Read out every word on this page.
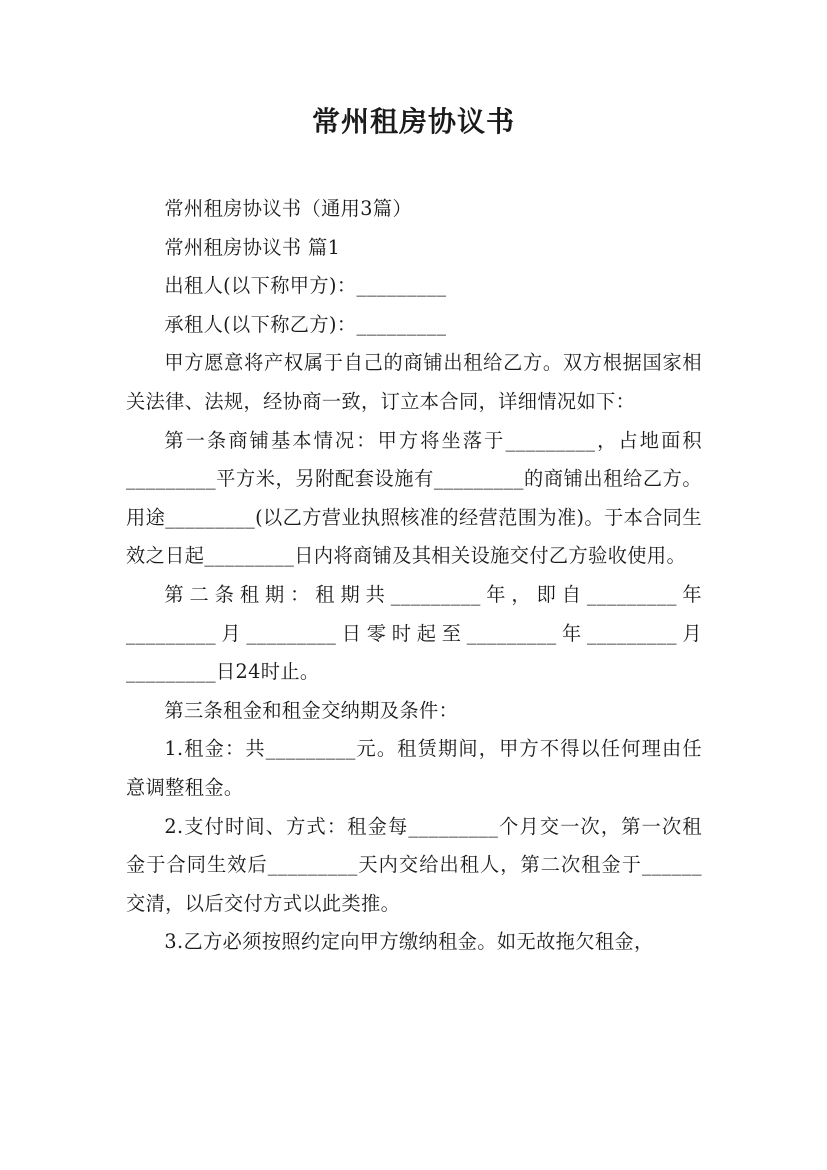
常州租房协议书

常州租房协议书（通用3篇）

常州租房协议书 篇1

出租人(以下称甲方)：_________

承租人(以下称乙方)：_________

甲方愿意将产权属于自己的商铺出租给乙方。双方根据国家相关法律、法规，经协商一致，订立本合同，详细情况如下：

第一条商铺基本情况：甲方将坐落于_________，占地面积_________平方米，另附配套设施有_________的商铺出租给乙方。用途_________(以乙方营业执照核准的经营范围为准)。于本合同生效之日起_________日内将商铺及其相关设施交付乙方验收使用。

第二条租期：租期共_________年，即自_________年_________月_________日零时起至_________年_________月_________日24时止。

第三条租金和租金交纳期及条件：

1.租金：共_________元。租赁期间，甲方不得以任何理由任意调整租金。

2.支付时间、方式：租金每_________个月交一次，第一次租金于合同生效后_________天内交给出租人，第二次租金于______交清，以后交付方式以此类推。

3.乙方必须按照约定向甲方缴纳租金。如无故拖欠租金，
